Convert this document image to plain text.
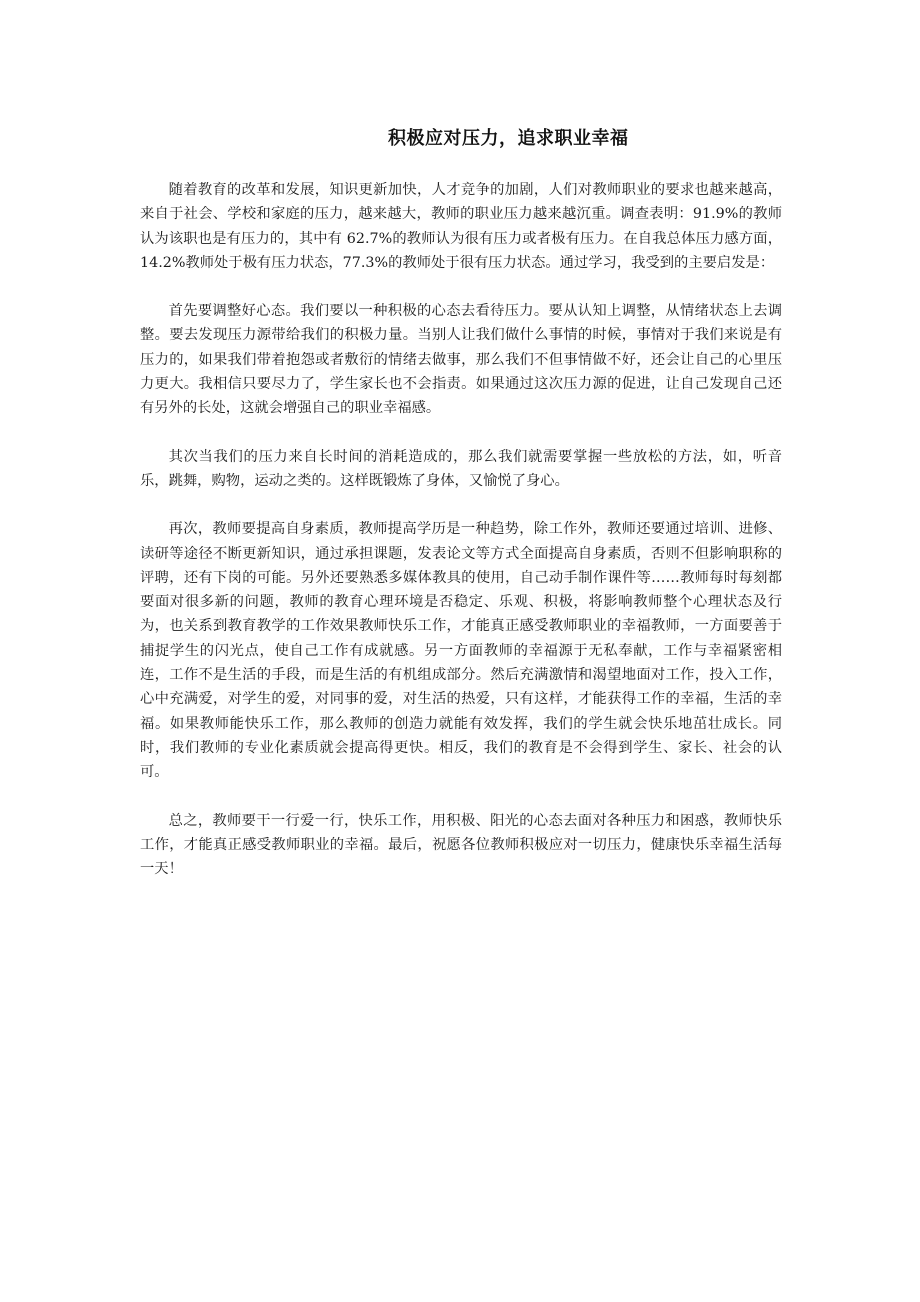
积极应对压力，追求职业幸福

随着教育的改革和发展，知识更新加快，人才竞争的加剧，人们对教师职业的要求也越来越高，来自于社会、学校和家庭的压力，越来越大，教师的职业压力越来越沉重。调查表明：91.9%的教师认为该职也是有压力的，其中有 62.7%的教师认为很有压力或者极有压力。在自我总体压力感方面，14.2%教师处于极有压力状态，77.3%的教师处于很有压力状态。通过学习，我受到的主要启发是：

首先要调整好心态。我们要以一种积极的心态去看待压力。要从认知上调整，从情绪状态上去调整。要去发现压力源带给我们的积极力量。当别人让我们做什么事情的时候，事情对于我们来说是有压力的，如果我们带着抱怨或者敷衍的情绪去做事，那么我们不但事情做不好，还会让自己的心里压力更大。我相信只要尽力了，学生家长也不会指责。如果通过这次压力源的促进，让自己发现自己还有另外的长处，这就会增强自己的职业幸福感。

其次当我们的压力来自长时间的消耗造成的，那么我们就需要掌握一些放松的方法，如，听音乐，跳舞，购物，运动之类的。这样既锻炼了身体，又愉悦了身心。

再次，教师要提高自身素质，教师提高学历是一种趋势，除工作外，教师还要通过培训、进修、读研等途径不断更新知识，通过承担课题，发表论文等方式全面提高自身素质，否则不但影响职称的评聘，还有下岗的可能。另外还要熟悉多媒体教具的使用，自己动手制作课件等……教师每时每刻都要面对很多新的问题，教师的教育心理环境是否稳定、乐观、积极，将影响教师整个心理状态及行为，也关系到教育教学的工作效果教师快乐工作，才能真正感受教师职业的幸福教师，一方面要善于捕捉学生的闪光点，使自己工作有成就感。另一方面教师的幸福源于无私奉献，工作与幸福紧密相连，工作不是生活的手段，而是生活的有机组成部分。然后充满激情和渴望地面对工作，投入工作，心中充满爱，对学生的爱，对同事的爱，对生活的热爱，只有这样，才能获得工作的幸福，生活的幸福。如果教师能快乐工作，那么教师的创造力就能有效发挥，我们的学生就会快乐地茁壮成长。同时，我们教师的专业化素质就会提高得更快。相反，我们的教育是不会得到学生、家长、社会的认可。

总之，教师要干一行爱一行，快乐工作，用积极、阳光的心态去面对各种压力和困惑，教师快乐工作，才能真正感受教师职业的幸福。最后，祝愿各位教师积极应对一切压力，健康快乐幸福生活每一天！
